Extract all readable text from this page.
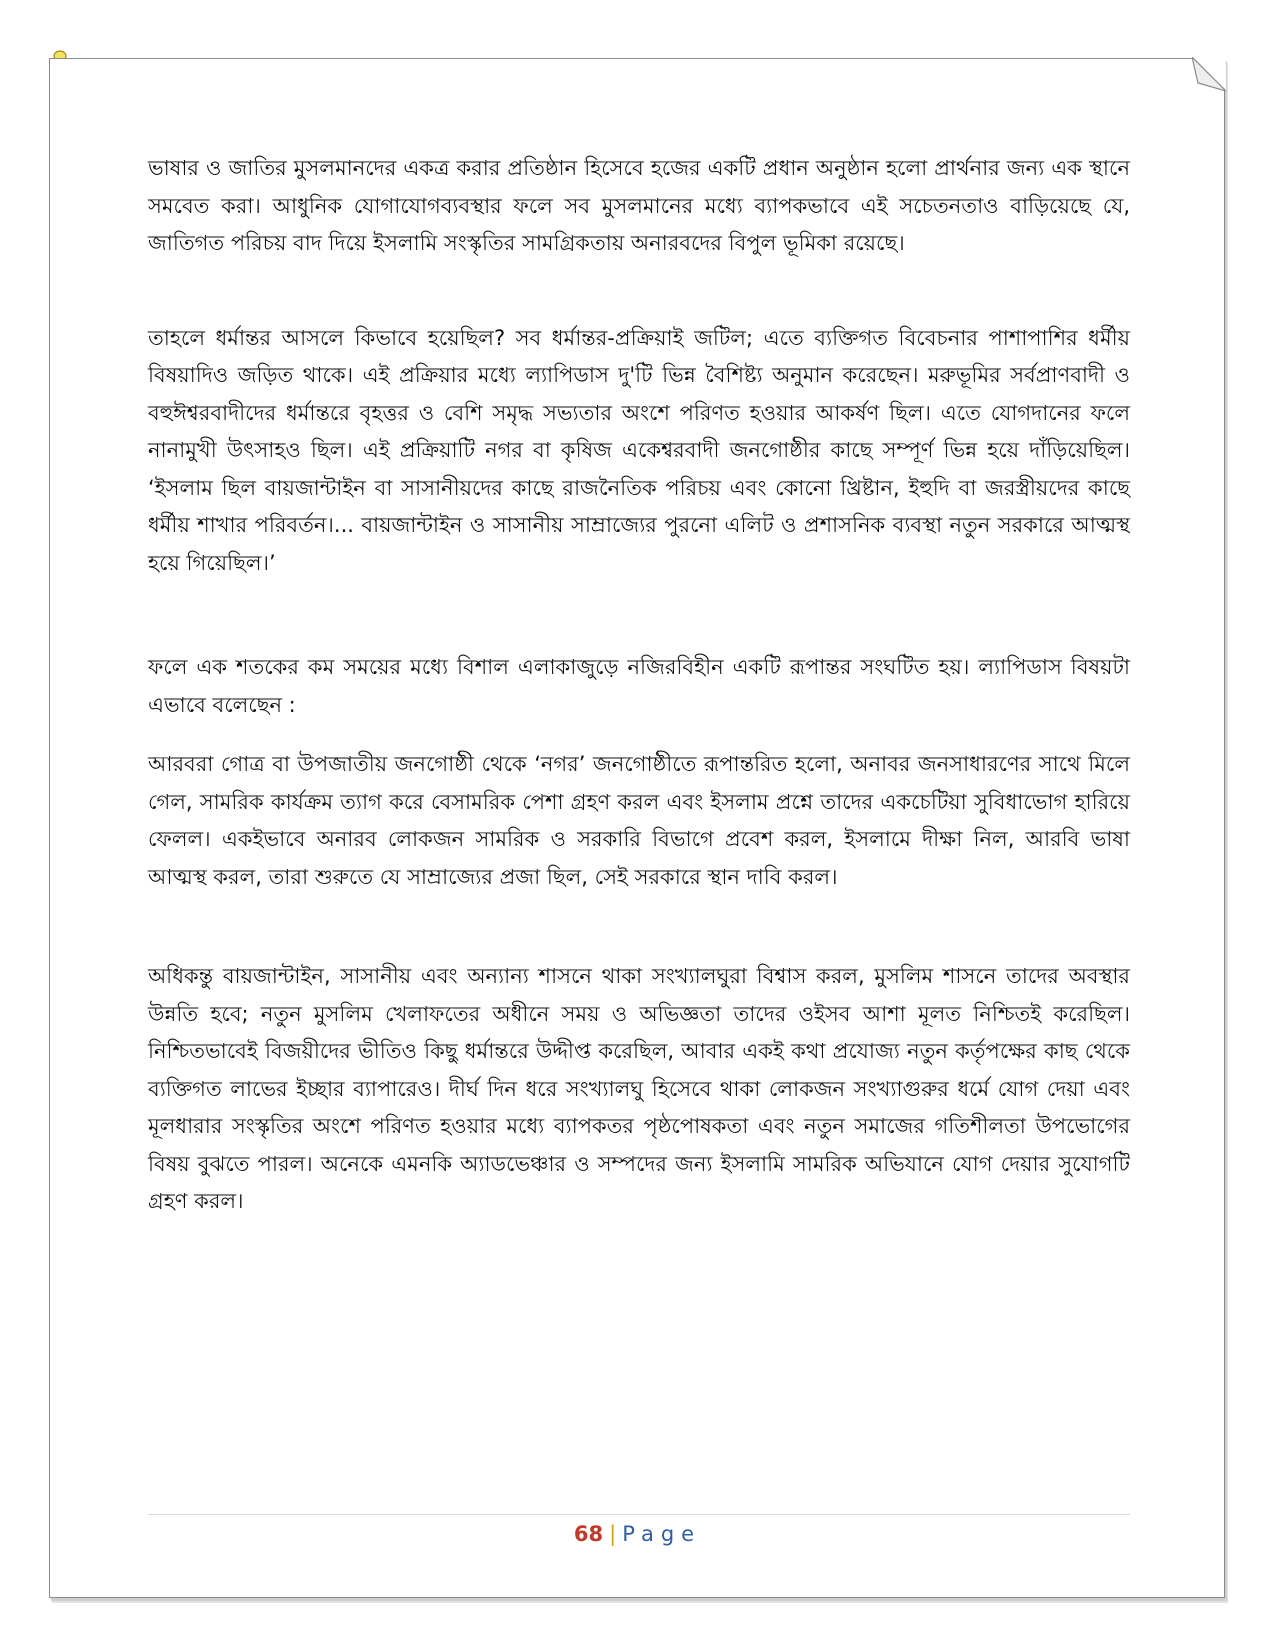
ভাষার ও জাতির মুসলমানদের একত্র করার প্রতিষ্ঠান হিসেবে হজের একটি প্রধান অনুষ্ঠান হলো প্রার্থনার জন্য এক স্থানে সমবেত করা। আধুনিক যোগাযোগব্যবস্থার ফলে সব মুসলমানের মধ্যে ব্যাপকভাবে এই সচেতনতাও বাড়িয়েছে যে, জাতিগত পরিচয় বাদ দিয়ে ইসলামি সংস্কৃতির সামগ্রিকতায় অনারবদের বিপুল ভূমিকা রয়েছে।

তাহলে ধর্মান্তর আসলে কিভাবে হয়েছিল? সব ধর্মান্তর-প্রক্রিয়াই জটিল; এতে ব্যক্তিগত বিবেচনার পাশাপাশির ধর্মীয় বিষয়াদিও জড়িত থাকে। এই প্রক্রিয়ার মধ্যে ল্যাপিডাস দু'টি ভিন্ন বৈশিষ্ট্য অনুমান করেছেন। মরুভূমির সর্বপ্রাণবাদী ও বহুঈশ্বরবাদীদের ধর্মান্তরে বৃহত্তর ও বেশি সমৃদ্ধ সভ্যতার অংশে পরিণত হওয়ার আকর্ষণ ছিল। এতে যোগদানের ফলে নানামুখী উৎসাহও ছিল। এই প্রক্রিয়াটি নগর বা কৃষিজ একেশ্বরবাদী জনগোষ্ঠীর কাছে সম্পূর্ণ ভিন্ন হয়ে দাঁড়িয়েছিল। ‘ইসলাম ছিল বায়জান্টাইন বা সাসানীয়দের কাছে রাজনৈতিক পরিচয় এবং কোনো খ্রিষ্টান, ইহুদি বা জরস্ত্রীয়দের কাছে ধর্মীয় শাখার পরিবর্তন।... বায়জান্টাইন ও সাসানীয় সাম্রাজ্যের পুরনো এলিট ও প্রশাসনিক ব্যবস্থা নতুন সরকারে আত্মস্থ হয়ে গিয়েছিল।’

ফলে এক শতকের কম সময়ের মধ্যে বিশাল এলাকাজুড়ে নজিরবিহীন একটি রূপান্তর সংঘটিত হয়। ল্যাপিডাস বিষয়টা এভাবে বলেছেন :

আরবরা গোত্র বা উপজাতীয় জনগোষ্ঠী থেকে ‘নগর’ জনগোষ্ঠীতে রূপান্তরিত হলো, অনাবর জনসাধারণের সাথে মিলে গেল, সামরিক কার্যক্রম ত্যাগ করে বেসামরিক পেশা গ্রহণ করল এবং ইসলাম প্রশ্নে তাদের একচেটিয়া সুবিধাভোগ হারিয়ে ফেলল। একইভাবে অনারব লোকজন সামরিক ও সরকারি বিভাগে প্রবেশ করল, ইসলামে দীক্ষা নিল, আরবি ভাষা আত্মস্থ করল, তারা শুরুতে যে সাম্রাজ্যের প্রজা ছিল, সেই সরকারে স্থান দাবি করল।

অধিকন্তু বায়জান্টাইন, সাসানীয় এবং অন্যান্য শাসনে থাকা সংখ্যালঘুরা বিশ্বাস করল, মুসলিম শাসনে তাদের অবস্থার উন্নতি হবে; নতুন মুসলিম খেলাফতের অধীনে সময় ও অভিজ্ঞতা তাদের ওইসব আশা মূলত নিশ্চিতই করেছিল। নিশ্চিতভাবেই বিজয়ীদের ভীতিও কিছু ধর্মান্তরে উদ্দীপ্ত করেছিল, আবার একই কথা প্রযোজ্য নতুন কর্তৃপক্ষের কাছ থেকে ব্যক্তিগত লাভের ইচ্ছার ব্যাপারেও। দীর্ঘ দিন ধরে সংখ্যালঘু হিসেবে থাকা লোকজন সংখ্যাগুরুর ধর্মে যোগ দেয়া এবং মূলধারার সংস্কৃতির অংশে পরিণত হওয়ার মধ্যে ব্যাপকতর পৃষ্ঠপোষকতা এবং নতুন সমাজের গতিশীলতা উপভোগের বিষয় বুঝতে পারল। অনেকে এমনকি অ্যাডভেঞ্চার ও সম্পদের জন্য ইসলামি সামরিক অভিযানে যোগ দেয়ার সুযোগটি গ্রহণ করল।

68 | Page
